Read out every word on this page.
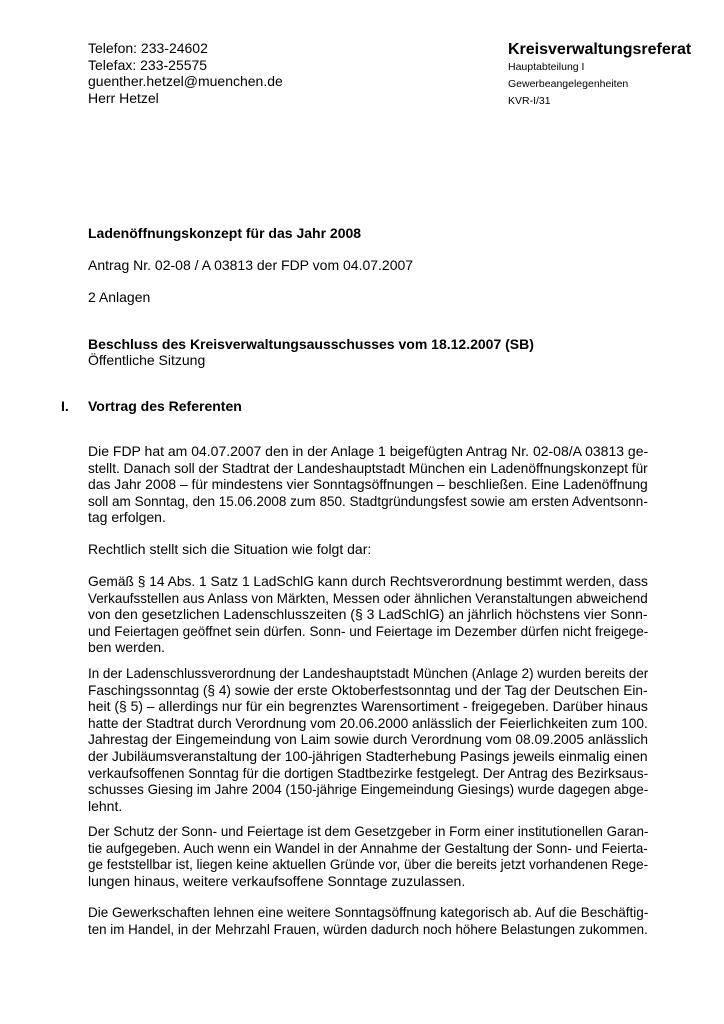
Telefon: 233-24602
Telefax: 233-25575
guenther.hetzel@muenchen.de
Herr Hetzel
Kreisverwaltungsreferat
Hauptabteilung I
Gewerbeangelegenheiten
KVR-I/31
Ladenöffnungskonzept für das Jahr 2008
Antrag Nr. 02-08 / A 03813 der FDP vom 04.07.2007
2 Anlagen
Beschluss des Kreisverwaltungsausschusses vom 18.12.2007 (SB)
Öffentliche Sitzung
I. Vortrag des Referenten
Die FDP hat am 04.07.2007 den in der Anlage 1 beigefügten Antrag Nr. 02-08/A 03813 ge-
stellt. Danach soll der Stadtrat der Landeshauptstadt München ein Ladenöffnungskonzept für
das Jahr 2008 – für mindestens vier Sonntagsöffnungen – beschließen. Eine Ladenöffnung
soll am Sonntag, den 15.06.2008 zum 850. Stadtgründungsfest sowie am ersten Adventsonn-
tag erfolgen.
Rechtlich stellt sich die Situation wie folgt dar:
Gemäß § 14 Abs. 1 Satz 1 LadSchlG kann durch Rechtsverordnung bestimmt werden, dass
Verkaufsstellen aus Anlass von Märkten, Messen oder ähnlichen Veranstaltungen abweichend
von den gesetzlichen Ladenschlusszeiten (§ 3 LadSchlG) an jährlich höchstens vier Sonn-
und Feiertagen geöffnet sein dürfen. Sonn- und Feiertage im Dezember dürfen nicht freigege-
ben werden.
In der Ladenschlussverordnung der Landeshauptstadt München (Anlage 2) wurden bereits der
Faschingssonntag (§ 4) sowie der erste Oktoberfestsonntag und der Tag der Deutschen Ein-
heit (§ 5) – allerdings nur für ein begrenztes Warensortiment - freigegeben. Darüber hinaus
hatte der Stadtrat durch Verordnung vom 20.06.2000 anlässlich der Feierlichkeiten zum 100.
Jahrestag der Eingemeindung von Laim sowie durch Verordnung vom 08.09.2005 anlässlich
der Jubiläumsveranstaltung der 100-jährigen Stadterhebung Pasings jeweils einmalig einen
verkaufsoffenen Sonntag für die dortigen Stadtbezirke festgelegt. Der Antrag des Bezirksaus-
schusses Giesing im Jahre 2004 (150-jährige Eingemeindung Giesings) wurde dagegen abge-
lehnt.
Der Schutz der Sonn- und Feiertage ist dem Gesetzgeber in Form einer institutionellen Garan-
tie aufgegeben. Auch wenn ein Wandel in der Annahme der Gestaltung der Sonn- und Feierta-
ge feststellbar ist, liegen keine aktuellen Gründe vor, über die bereits jetzt vorhandenen Rege-
lungen hinaus, weitere verkaufsoffene Sonntage zuzulassen.
Die Gewerkschaften lehnen eine weitere Sonntagsöffnung kategorisch ab. Auf die Beschäftig-
ten im Handel, in der Mehrzahl Frauen, würden dadurch noch höhere Belastungen zukommen.
